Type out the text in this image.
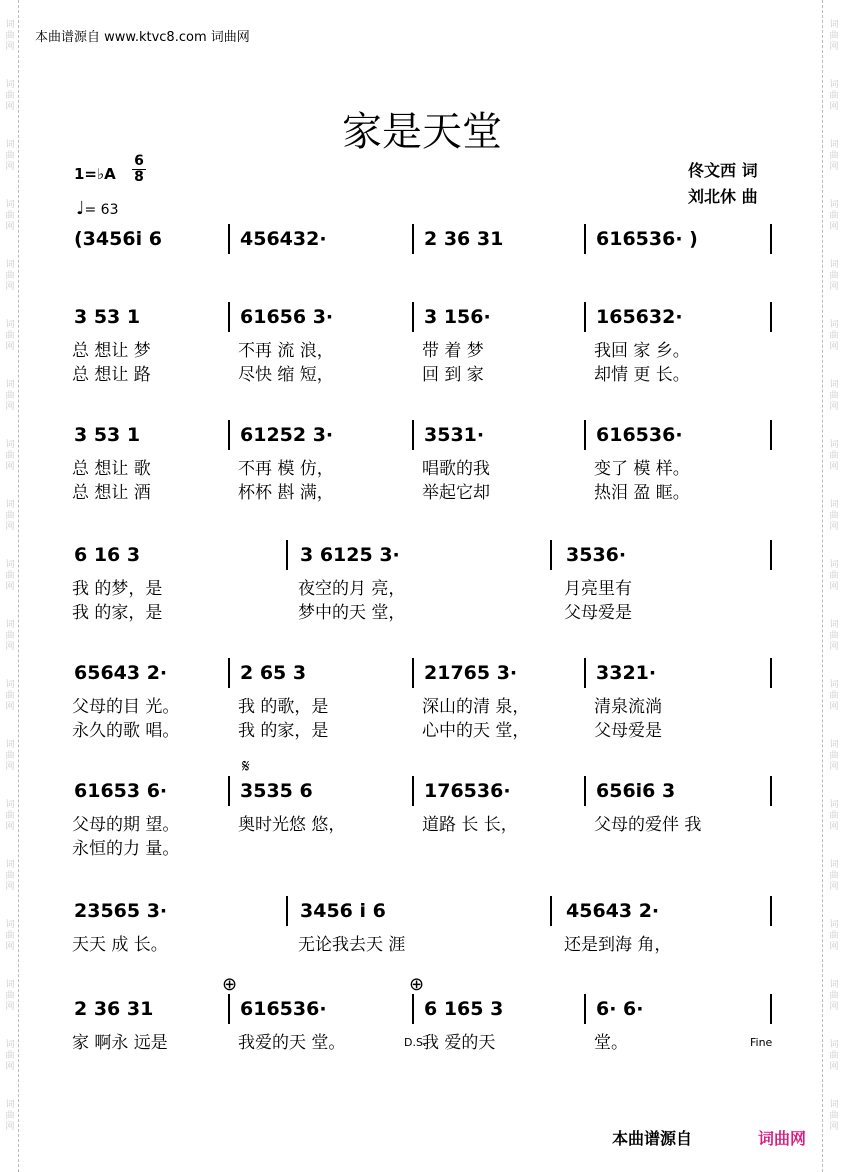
词
曲
网
词
曲
网
词
曲
网
词
曲
网
词
曲
网
词
曲
网
词
曲
网
词
曲
网
词
曲
网
词
曲
网
词
曲
网
词
曲
网
词
曲
网
词
曲
网
词
曲
网
词
曲
网
词
曲
网
词
曲
网
词
曲
网
词
曲
网
词
曲
网
词
曲
网
词
曲
网
词
曲
网
词
曲
网
词
曲
网
词
曲
网
词
曲
网
词
曲
网
词
曲
网
词
曲
网
词
曲
网
词
曲
网
词
曲
网
词
曲
网
词
曲
网
词
曲
网
词
曲
网
本曲谱源自 www.ktvc8.com 词曲网
家是天堂
佟文西 词
刘北休 曲
1=♭A
6
8
♩= 63
(3456i 6	456432·	2 36 31	616536· )
3 53 1	61656 3·	3 156·	165632·
总 想让 梦	不再 流 浪，	带 着 梦	我回 家 乡。
总 想让 路	尽快 缩 短，	回 到 家	却情 更 长。
3 53 1	61252 3·	3531·	616536·
总 想让 歌	不再 模 仿，	唱歌的我	变了 模 样。
总 想让 酒	杯杯 斟 满，	举起它却	热泪 盈 眶。
6 16 3	3 6125 3·	3536·
我 的梦，是	夜空的月 亮，	月亮里有
我 的家，是	梦中的天 堂，	父母爱是
65643 2·	2 65 3	21765 3·	3321·
父母的目 光。	我 的歌，是	深山的清 泉，	清泉流淌
永久的歌 唱。	我 的家，是	心中的天 堂，	父母爱是
61653 6·	3535 6	176536·	656i6 3
父母的期 望。	奥时光悠 悠，	道路 长 长，	父母的爱伴 我
永恒的力 量。
23565 3·	3456 i 6	45643 2·
天天 成 长。	无论我去天 涯	还是到海 角，
2 36 31	616536·	6 165 3	6· 6·
家 啊永 远是	我爱的天 堂。	我 爱的天	堂。
𝄋
⊕	⊕
D.S.	Fine
本曲谱源自	词曲网
